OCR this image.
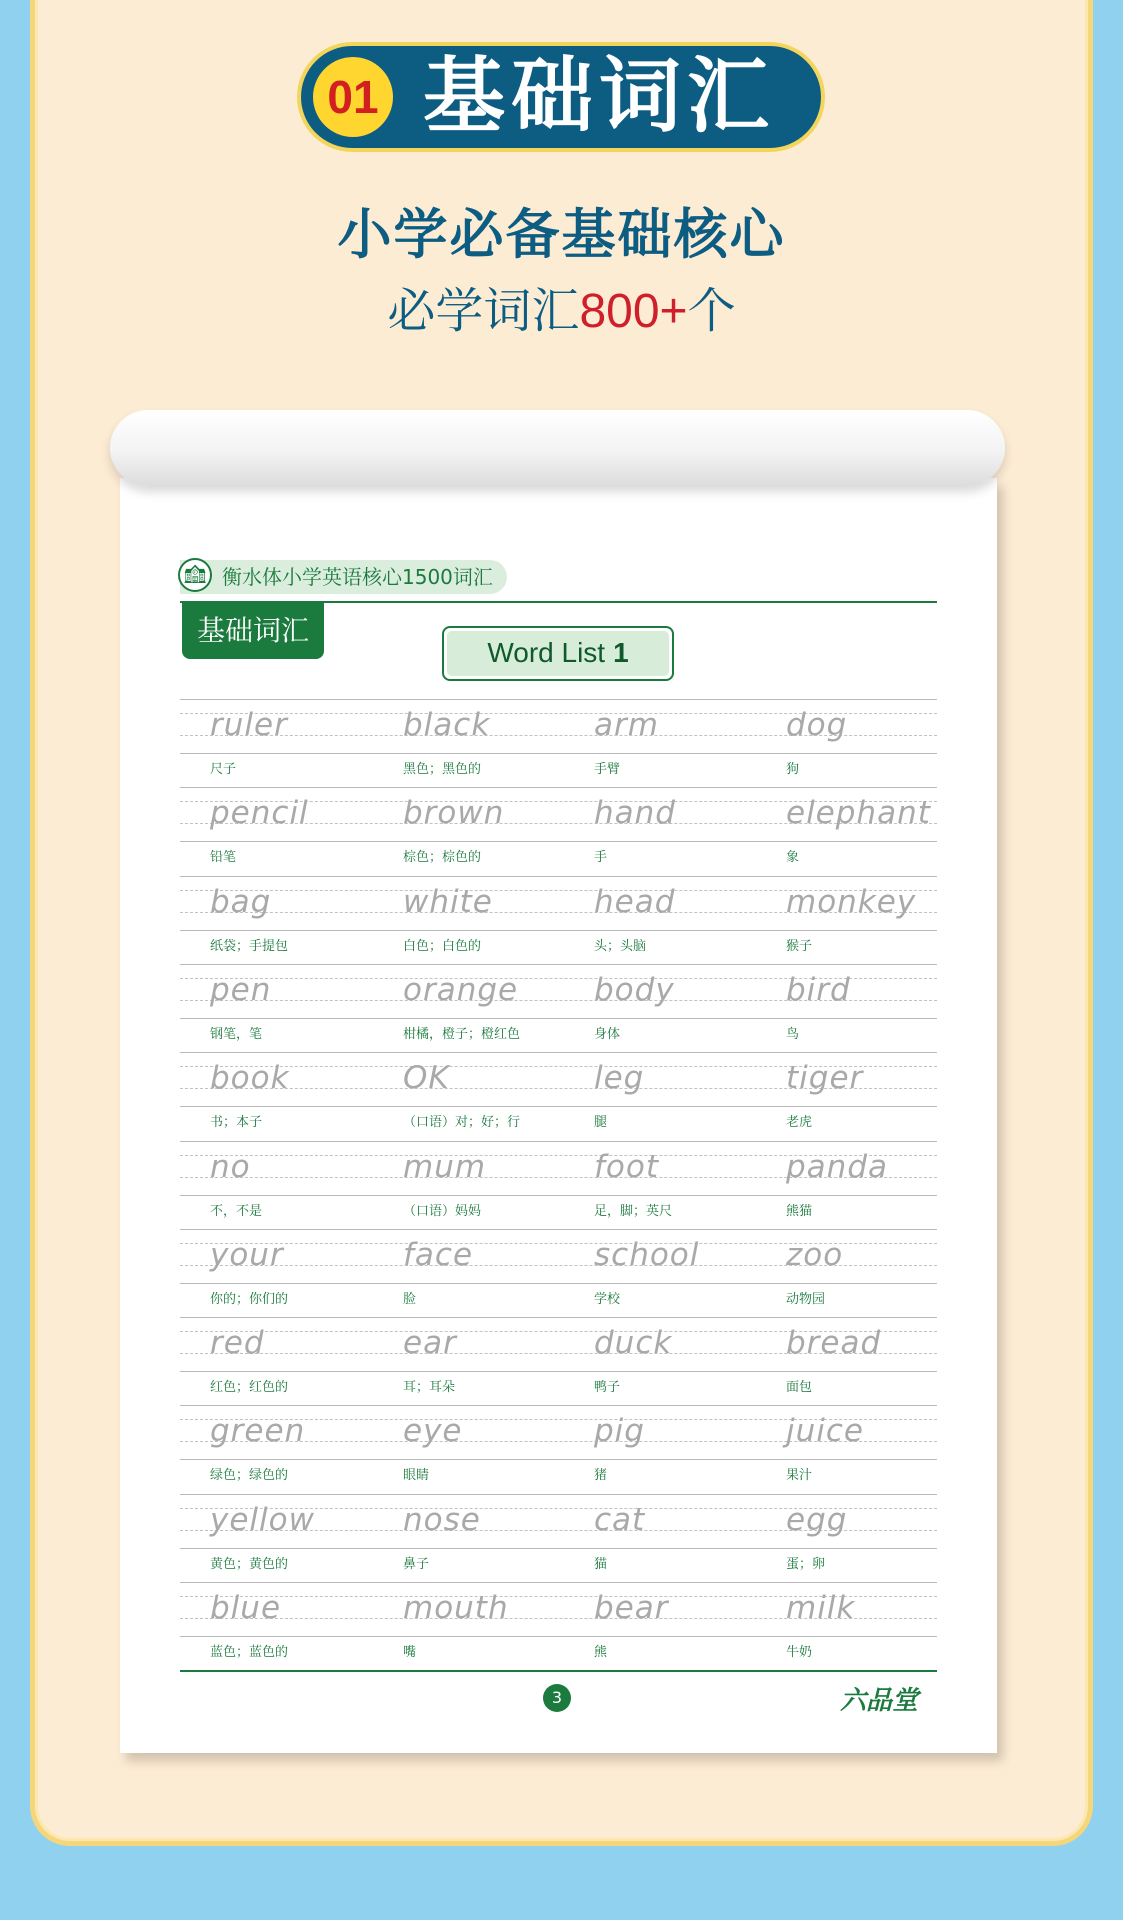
01 基础词汇
小学必备基础核心
必学词汇800+个
🏫︎ 衡水体小学英语核心1500词汇
基础词汇
Word List 1
ruler
尺子
black
黑色；黑色的
arm
手臂
dog
狗
pencil
铅笔
brown
棕色；棕色的
hand
手
elephant
象
bag
纸袋；手提包
white
白色；白色的
head
头；头脑
monkey
猴子
pen
钢笔，笔
orange
柑橘，橙子；橙红色
body
身体
bird
鸟
book
书；本子
OK
（口语）对；好；行
leg
腿
tiger
老虎
no
不，不是
mum
（口语）妈妈
foot
足，脚；英尺
panda
熊猫
your
你的；你们的
face
脸
school
学校
zoo
动物园
red
红色；红色的
ear
耳；耳朵
duck
鸭子
bread
面包
green
绿色；绿色的
eye
眼睛
pig
猪
juice
果汁
yellow
黄色；黄色的
nose
鼻子
cat
猫
egg
蛋；卵
blue
蓝色；蓝色的
mouth
嘴
bear
熊
milk
牛奶
3	六品堂
